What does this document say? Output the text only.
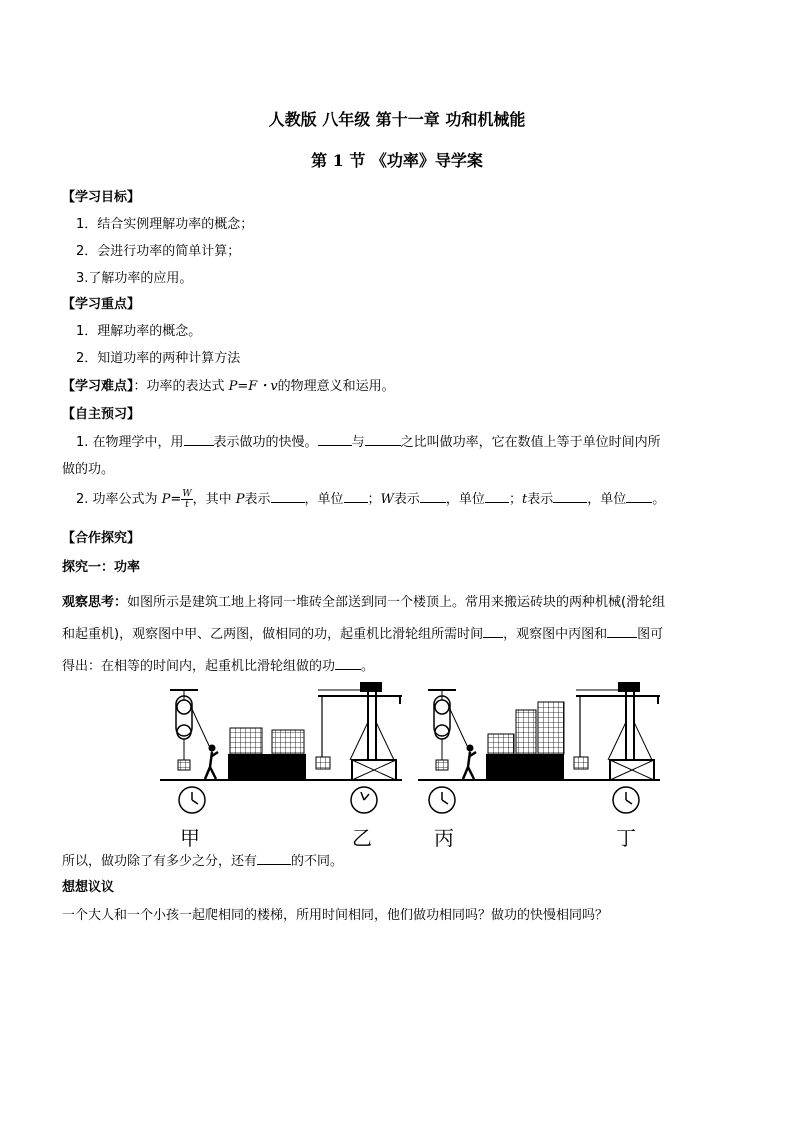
人教版 八年级 第十一章 功和机械能
第 1 节 《功率》导学案
【学习目标】
1．结合实例理解功率的概念；
2．会进行功率的简单计算；
3.了解功率的应用。
【学习重点】
1．理解功率的概念。
2．知道功率的两种计算方法
【学习难点】：功率的表达式 P=F・v的物理意义和运用。
【自主预习】
1. 在物理学中，用 表示做功的快慢。	与	之比叫做功率，它在数值上等于单位时间内所
做的功。
2. 功率公式为 $P= \frac{W}{t}$ ，其中 P表示	，单位 ；W表示 ，单位 ；t表示	，单位 。
【合作探究】
探究一：功率
观察思考：如图所示是建筑工地上将同一堆砖全部送到同一个楼顶上。常用来搬运砖块的两种机械(滑轮组
和起重机)，观察图中甲、乙两图，做相同的功，起重机比滑轮组所需时间 ，观察图中丙图和 图可
得出：在相等的时间内，起重机比滑轮组做的功 。
甲	乙	丙	丁
所以，做功除了有多少之分，还有	的不同。
想想议议
一个大人和一个小孩一起爬相同的楼梯，所用时间相同，他们做功相同吗？做功的快慢相同吗？
